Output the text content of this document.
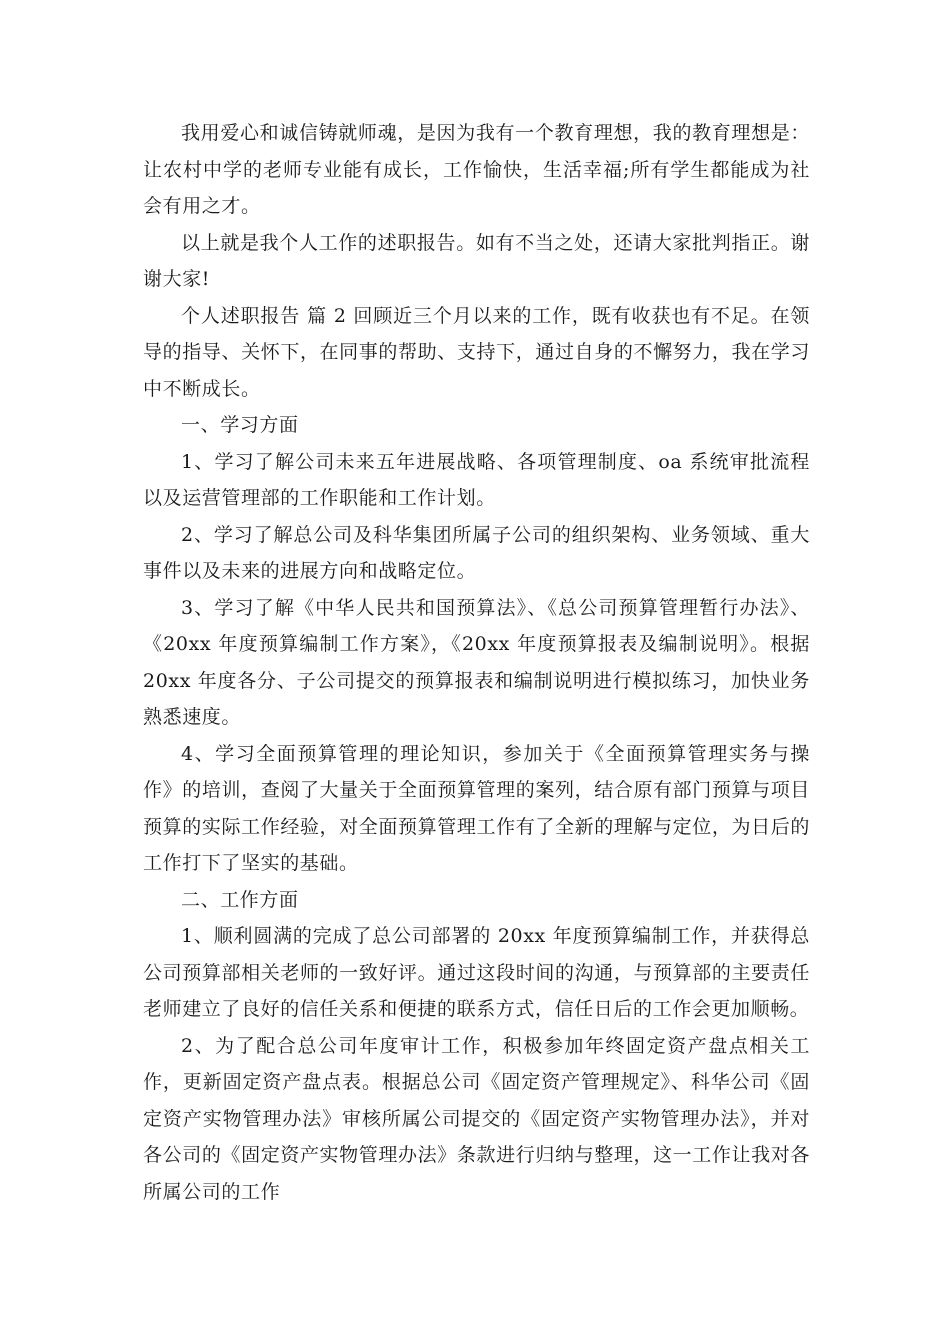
我用爱心和诚信铸就师魂，是因为我有一个教育理想，我的教育理想是：让农村中学的老师专业能有成长，工作愉快，生活幸福;所有学生都能成为社会有用之才。

以上就是我个人工作的述职报告。如有不当之处，还请大家批判指正。谢谢大家!

个人述职报告 篇 2 回顾近三个月以来的工作，既有收获也有不足。在领导的指导、关怀下，在同事的帮助、支持下，通过自身的不懈努力，我在学习中不断成长。

一、学习方面

1、学习了解公司未来五年进展战略、各项管理制度、oa 系统审批流程以及运营管理部的工作职能和工作计划。

2、学习了解总公司及科华集团所属子公司的组织架构、业务领域、重大事件以及未来的进展方向和战略定位。

3、学习了解《中华人民共和国预算法》、《总公司预算管理暂行办法》、《20xx 年度预算编制工作方案》，《20xx 年度预算报表及编制说明》。根据 20xx 年度各分、子公司提交的预算报表和编制说明进行模拟练习，加快业务熟悉速度。

4、学习全面预算管理的理论知识，参加关于《全面预算管理实务与操作》的培训，查阅了大量关于全面预算管理的案列，结合原有部门预算与项目预算的实际工作经验，对全面预算管理工作有了全新的理解与定位，为日后的工作打下了坚实的基础。

二、工作方面

1、顺利圆满的完成了总公司部署的 20xx 年度预算编制工作，并获得总公司预算部相关老师的一致好评。通过这段时间的沟通，与预算部的主要责任老师建立了良好的信任关系和便捷的联系方式，信任日后的工作会更加顺畅。

2、为了配合总公司年度审计工作，积极参加年终固定资产盘点相关工作，更新固定资产盘点表。根据总公司《固定资产管理规定》、科华公司《固定资产实物管理办法》审核所属公司提交的《固定资产实物管理办法》，并对各公司的《固定资产实物管理办法》条款进行归纳与整理，这一工作让我对各所属公司的工作
